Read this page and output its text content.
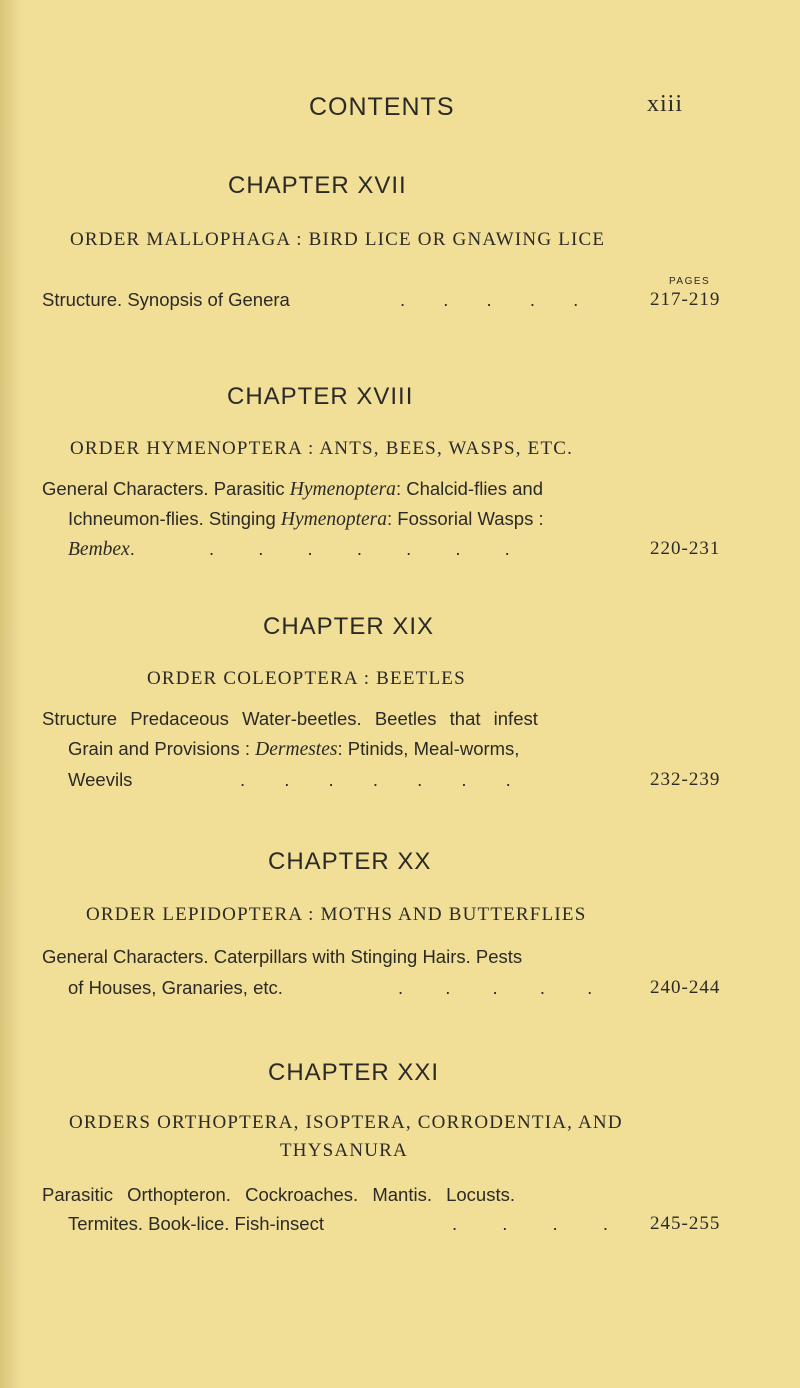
CONTENTS	xiii
CHAPTER XVII
ORDER MALLOPHAGA : BIRD LICE OR GNAWING LICE
PAGES
Structure. Synopsis of Genera	. . . . .	217-219
CHAPTER XVIII
ORDER HYMENOPTERA : ANTS, BEES, WASPS, ETC.
General Characters. Parasitic Hymenoptera: Chalcid-flies and
Ichneumon-flies. Stinging Hymenoptera: Fossorial Wasps :
Bembex.	. . . . . . .	220-231
CHAPTER XIX
ORDER COLEOPTERA : BEETLES
Structure Predaceous Water-beetles. Beetles that infest
Grain and Provisions : Dermestes: Ptinids, Meal-worms,
Weevils	. . . . . . .	232-239
CHAPTER XX
ORDER LEPIDOPTERA : MOTHS AND BUTTERFLIES
General Characters. Caterpillars with Stinging Hairs. Pests
of Houses, Granaries, etc.	. . . . .	240-244
CHAPTER XXI
ORDERS ORTHOPTERA, ISOPTERA, CORRODENTIA, AND
THYSANURA
Parasitic Orthopteron. Cockroaches. Mantis. Locusts.
Termites. Book-lice. Fish-insect	. . . . 245-255
